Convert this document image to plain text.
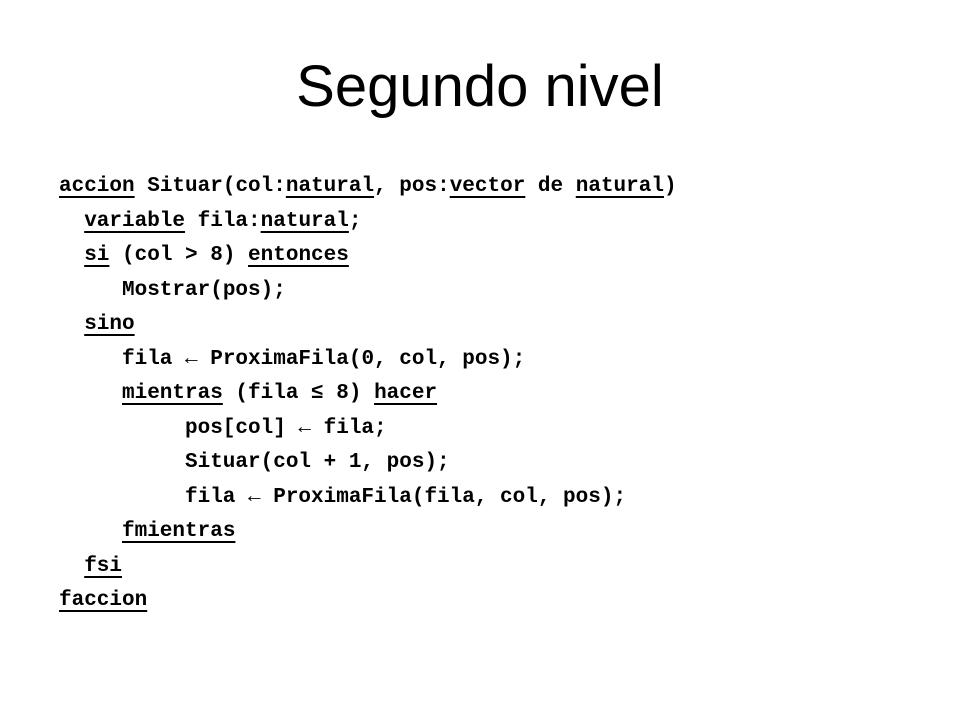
Segundo nivel
accion Situar(col:natural, pos:vector de natural)
variable fila:natural;
si (col > 8) entonces
Mostrar(pos);
sino
fila ← ProximaFila(0, col, pos);
mientras (fila ≤ 8) hacer
pos[col] ← fila;
Situar(col + 1, pos);
fila ← ProximaFila(fila, col, pos);
fmientras
fsi
faccion
